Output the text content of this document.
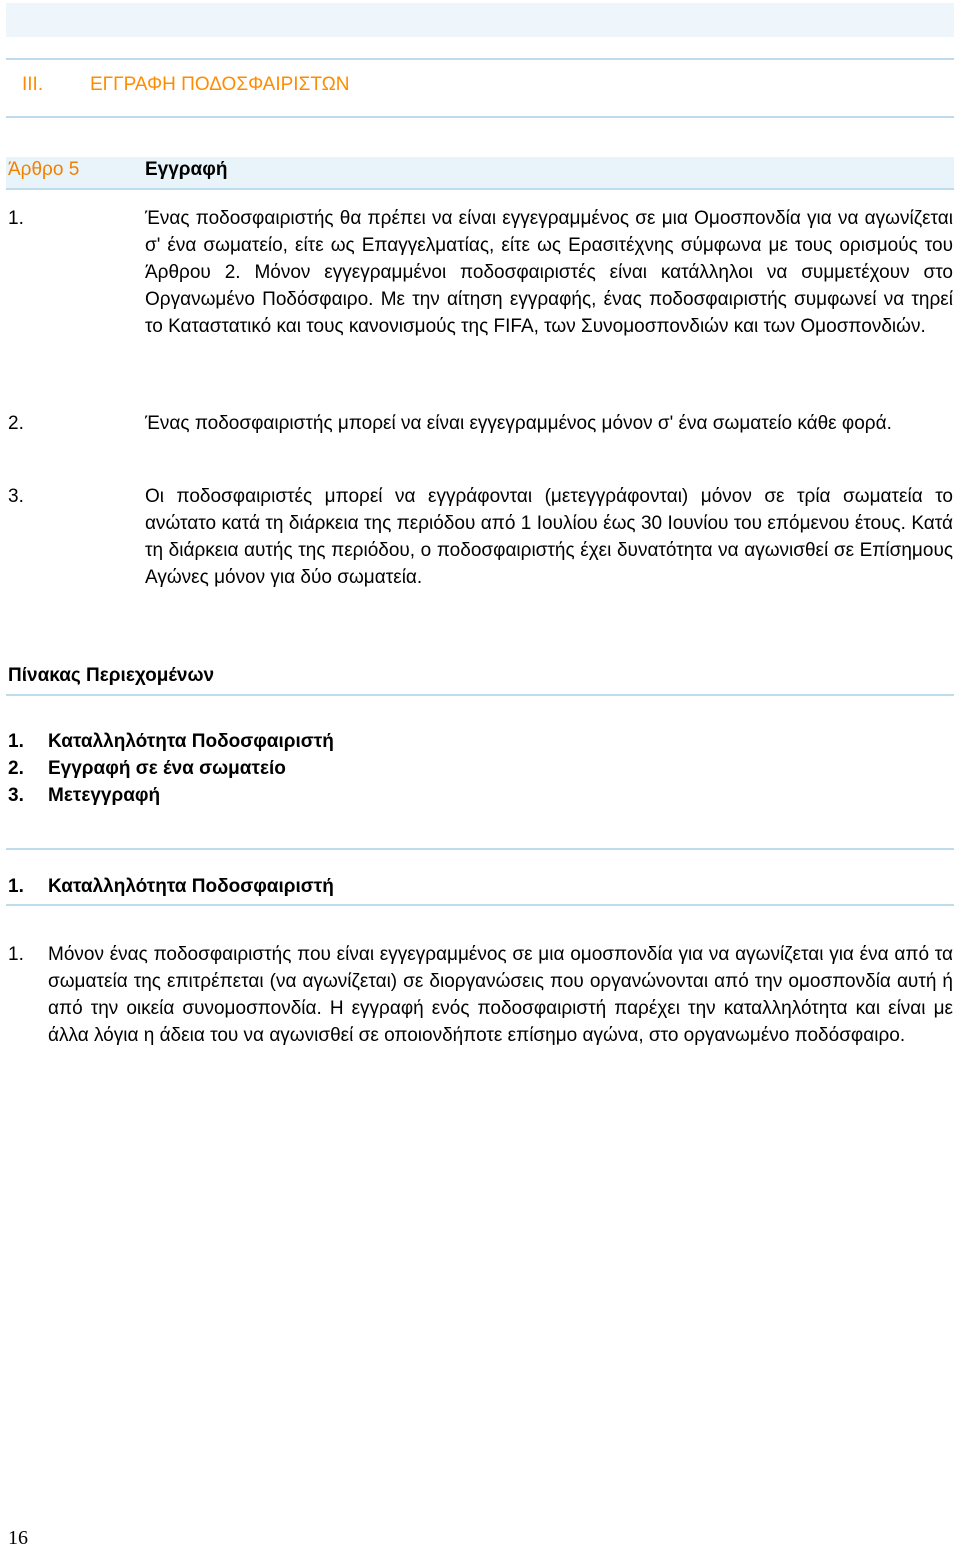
III. ΕΓΓΡΑΦΗ ΠΟΔΟΣΦΑΙΡΙΣΤΩΝ
Άρθρο 5	Εγγραφή
1.	Ένας ποδοσφαιριστής θα πρέπει να είναι εγγεγραμμένος σε μια Ομοσπονδία για να αγωνίζεται σ' ένα σωματείο, είτε ως Επαγγελματίας, είτε ως Ερασιτέχνης σύμφωνα με τους ορισμούς του Άρθρου 2. Μόνον εγγεγραμμένοι ποδοσφαιριστές είναι κατάλληλοι να συμμετέχουν στο Οργανωμένο Ποδόσφαιρο. Με την αίτηση εγγραφής, ένας ποδοσφαιριστής συμφωνεί να τηρεί το Καταστατικό και τους κανονισμούς της FIFA, των Συνομοσπονδιών και των Ομοσπονδιών.
2.	Ένας ποδοσφαιριστής μπορεί να είναι εγγεγραμμένος μόνον σ' ένα σωματείο κάθε φορά.
3.	Οι ποδοσφαιριστές μπορεί να εγγράφονται (μετεγγράφονται) μόνον σε τρία σωματεία το ανώτατο κατά τη διάρκεια της περιόδου από 1 Ιουλίου έως 30 Ιουνίου του επόμενου έτους. Κατά τη διάρκεια αυτής της περιόδου, ο ποδοσφαιριστής έχει δυνατότητα να αγωνισθεί σε Επίσημους Αγώνες μόνον για δύο σωματεία.
Πίνακας Περιεχομένων
1. Καταλληλότητα Ποδοσφαιριστή
2. Εγγραφή σε ένα σωματείο
3. Μετεγγραφή
1. Καταλληλότητα Ποδοσφαιριστή
1. Μόνον ένας ποδοσφαιριστής που είναι εγγεγραμμένος σε μια ομοσπονδία για να αγωνίζεται για ένα από τα σωματεία της επιτρέπεται (να αγωνίζεται) σε διοργανώσεις που οργανώνονται από την ομοσπονδία αυτή ή από την οικεία συνομοσπονδία. Η εγγραφή ενός ποδοσφαιριστή παρέχει την καταλληλότητα και είναι με άλλα λόγια η άδεια του να αγωνισθεί σε οποιονδήποτε επίσημο αγώνα, στο οργανωμένο ποδόσφαιρο.
16
